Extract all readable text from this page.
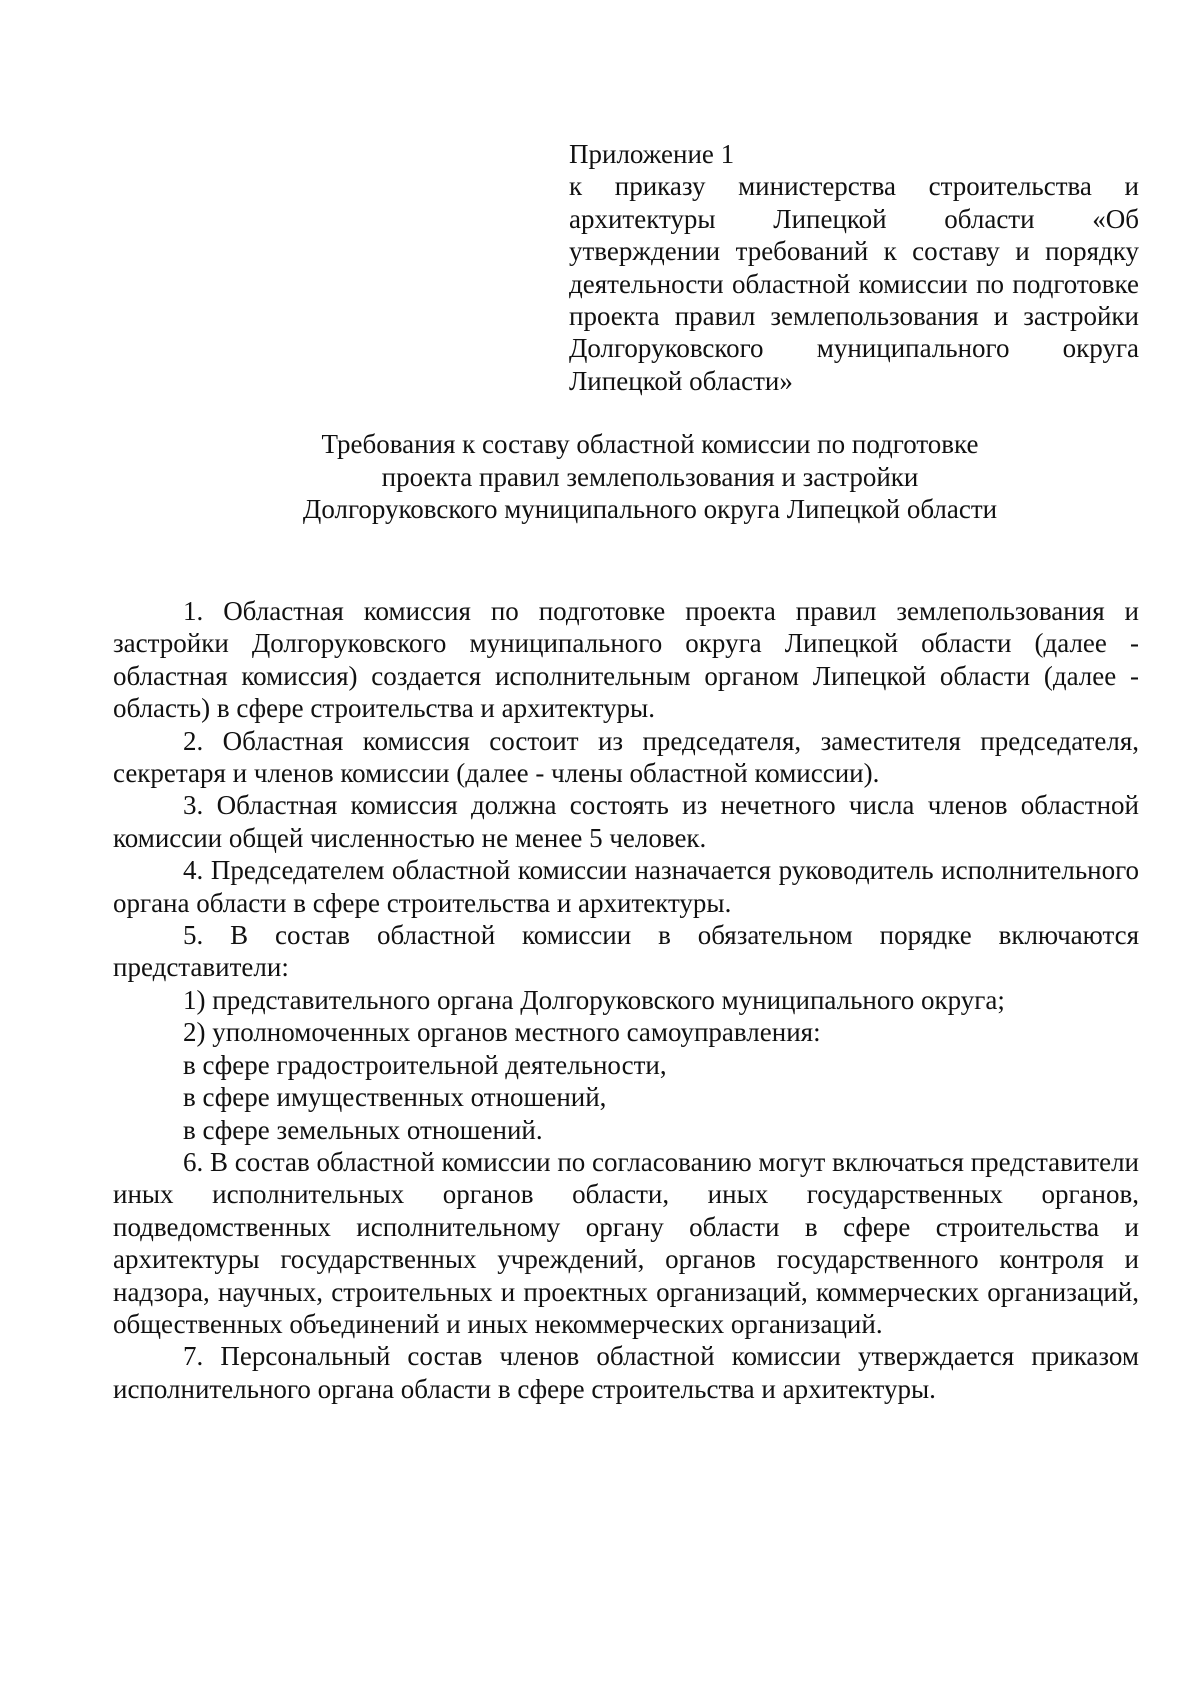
Приложение 1
к приказу министерства строительства и архитектуры Липецкой области «Об утверждении требований к составу и порядку деятельности областной комиссии по подготовке проекта правил землепользования и застройки Долгоруковского муниципального округа Липецкой области»
Требования к составу областной комиссии по подготовке
проекта правил землепользования и застройки
Долгоруковского муниципального округа Липецкой области

1. Областная комиссия по подготовке проекта правил землепользования и застройки Долгоруковского муниципального округа Липецкой области (далее - областная комиссия) создается исполнительным органом Липецкой области (далее - область) в сфере строительства и архитектуры.

2. Областная комиссия состоит из председателя, заместителя председателя, секретаря и членов комиссии (далее - члены областной комиссии).

3. Областная комиссия должна состоять из нечетного числа членов областной комиссии общей численностью не менее 5 человек.

4. Председателем областной комиссии назначается руководитель исполнительного органа области в сфере строительства и архитектуры.

5. В состав областной комиссии в обязательном порядке включаются представители:

1) представительного органа Долгоруковского муниципального округа;

2) уполномоченных органов местного самоуправления:

в сфере градостроительной деятельности,

в сфере имущественных отношений,

в сфере земельных отношений.

6. В состав областной комиссии по согласованию могут включаться представители иных исполнительных органов области, иных государственных органов, подведомственных исполнительному органу области в сфере строительства и архитектуры государственных учреждений, органов государственного контроля и надзора, научных, строительных и проектных организаций, коммерческих организаций, общественных объединений и иных некоммерческих организаций.

7. Персональный состав членов областной комиссии утверждается приказом исполнительного органа области в сфере строительства и архитектуры.
